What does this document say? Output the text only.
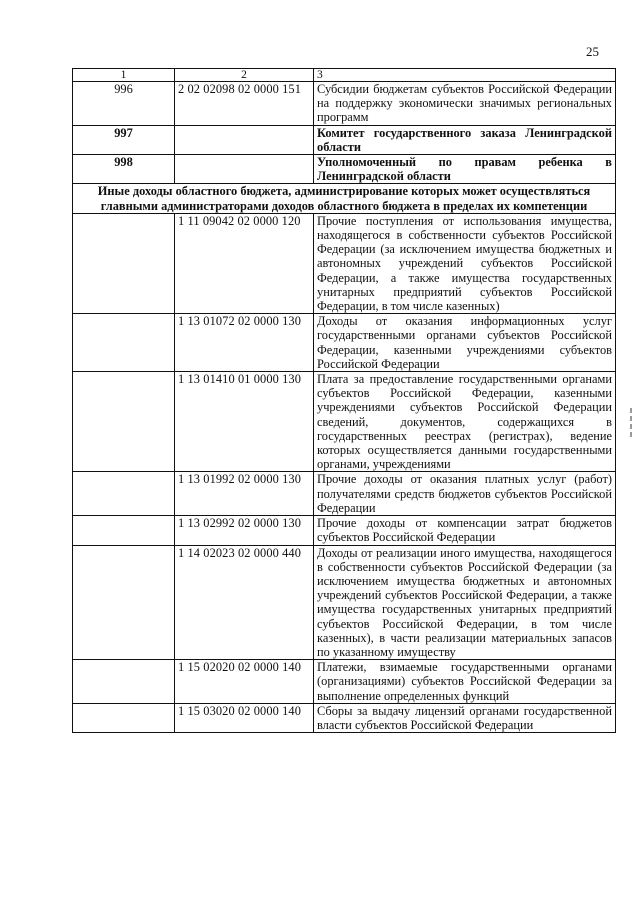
25
1	2	3
996	2 02 02098 02 0000 151	Субсидии бюджетам субъектов Российской Федерации на поддержку экономически значимых региональных программ
997		Комитет государственного заказа Ленинградской области
998		Уполномоченный по правам ребенка в Ленинградской области
Иные доходы областного бюджета, администрирование которых может осуществляться главными администраторами доходов областного бюджета в пределах их компетенции		
	1 11 09042 02 0000 120	Прочие поступления от использования имущества, находящегося в собственности субъектов Российской Федерации (за исключением имущества бюджетных и автономных учреждений субъектов Российской Федерации, а также имущества государственных унитарных предприятий субъектов Российской Федерации, в том числе казенных)
	1 13 01072 02 0000 130	Доходы от оказания информационных услуг государственными органами субъектов Российской Федерации, казенными учреждениями субъектов Российской Федерации
	1 13 01410 01 0000 130	Плата за предоставление государственными органами субъектов Российской Федерации, казенными учреждениями субъектов Российской Федерации сведений, документов, содержащихся в государственных реестрах (регистрах), ведение которых осуществляется данными государственными органами, учреждениями
	1 13 01992 02 0000 130	Прочие доходы от оказания платных услуг (работ) получателями средств бюджетов субъектов Российской Федерации
	1 13 02992 02 0000 130	Прочие доходы от компенсации затрат бюджетов субъектов Российской Федерации
	1 14 02023 02 0000 440	Доходы от реализации иного имущества, находящегося в собственности субъектов Российской Федерации (за исключением имущества бюджетных и автономных учреждений субъектов Российской Федерации, а также имущества государственных унитарных предприятий субъектов Российской Федерации, в том числе казенных), в части реализации материальных запасов по указанному имуществу
	1 15 02020 02 0000 140	Платежи, взимаемые государственными органами (организациями) субъектов Российской Федерации за выполнение определенных функций
	1 15 03020 02 0000 140	Сборы за выдачу лицензий органами государственной власти субъектов Российской Федерации
